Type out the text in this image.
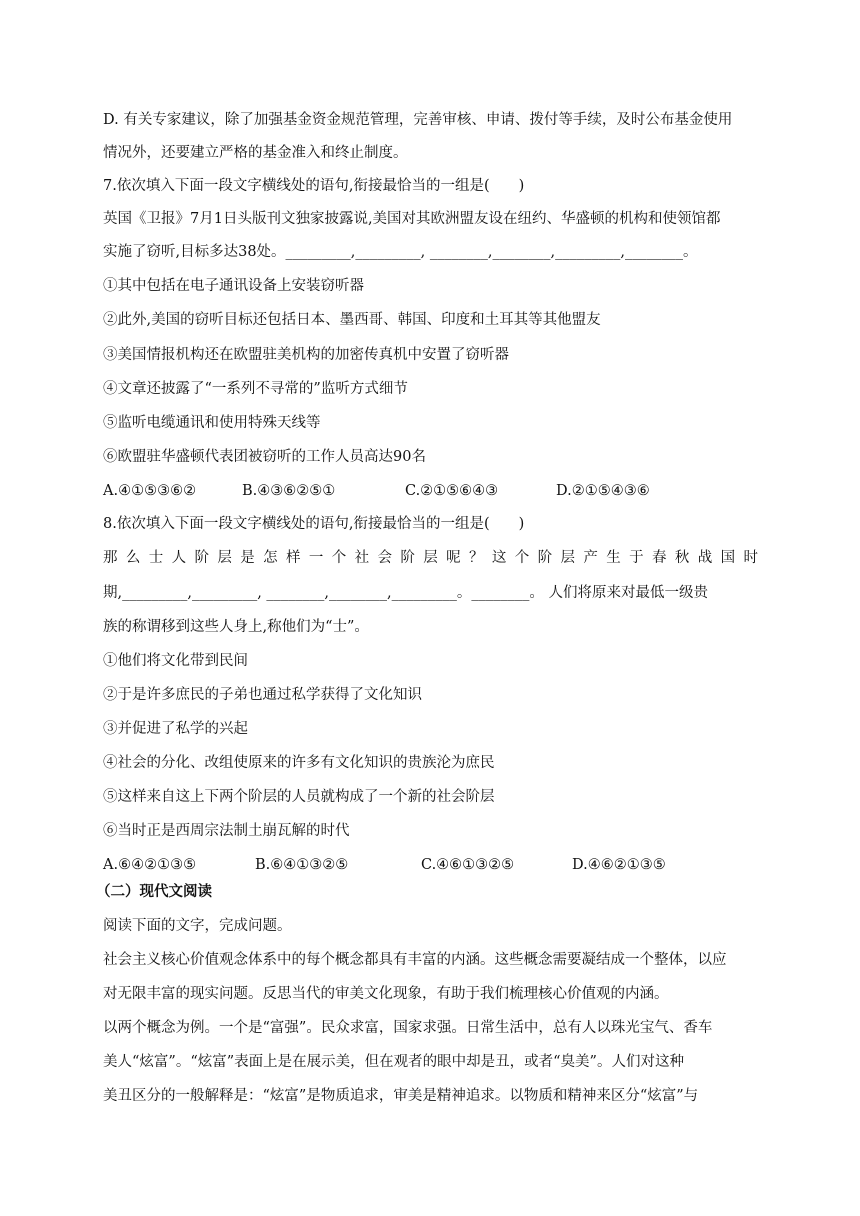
D. 有关专家建议，除了加强基金资金规范管理，完善审核、申请、拨付等手续，及时公布基金使用
情况外，还要建立严格的基金准入和终止制度。
7.依次填入下面一段文字横线处的语句,衔接最恰当的一组是(　　)
英国《卫报》7月1日头版刊文独家披露说,美国对其欧洲盟友设在纽约、华盛顿的机构和使领馆都
实施了窃听,目标多达38处。_________,_________, ________,________,_________,________。
①其中包括在电子通讯设备上安装窃听器
②此外,美国的窃听目标还包括日本、墨西哥、韩国、印度和土耳其等其他盟友
③美国情报机构还在欧盟驻美机构的加密传真机中安置了窃听器
④文章还披露了“一系列不寻常的”监听方式细节
⑤监听电缆通讯和使用特殊天线等
⑥欧盟驻华盛顿代表团被窃听的工作人员高达90名
A.④①⑤③⑥②	B.④③⑥②⑤①	C.②①⑤⑥④③	D.②①⑤④③⑥
8.依次填入下面一段文字横线处的语句,衔接最恰当的一组是(　　)
那么士人阶层是怎样一个社会阶层呢？这个阶层产生于春秋战国时
期,_________,_________, ________,________,_________。________。 人们将原来对最低一级贵
族的称谓移到这些人身上,称他们为“士”。
①他们将文化带到民间
②于是许多庶民的子弟也通过私学获得了文化知识
③并促进了私学的兴起
④社会的分化、改组使原来的许多有文化知识的贵族沦为庶民
⑤这样来自这上下两个阶层的人员就构成了一个新的社会阶层
⑥当时正是西周宗法制土崩瓦解的时代
A.⑥④②①③⑤	B.⑥④①③②⑤	C.④⑥①③②⑤	D.④⑥②①③⑤
（二）现代文阅读
阅读下面的文字，完成问题。
社会主义核心价值观念体系中的每个概念都具有丰富的内涵。这些概念需要凝结成一个整体，以应
对无限丰富的现实问题。反思当代的审美文化现象，有助于我们梳理核心价值观的内涵。
以两个概念为例。一个是“富强”。民众求富，国家求强。日常生活中，总有人以珠光宝气、香车
美人“炫富”。“炫富”表面上是在展示美，但在观者的眼中却是丑，或者“臭美”。人们对这种
美丑区分的一般解释是：“炫富”是物质追求，审美是精神追求。以物质和精神来区分“炫富”与
